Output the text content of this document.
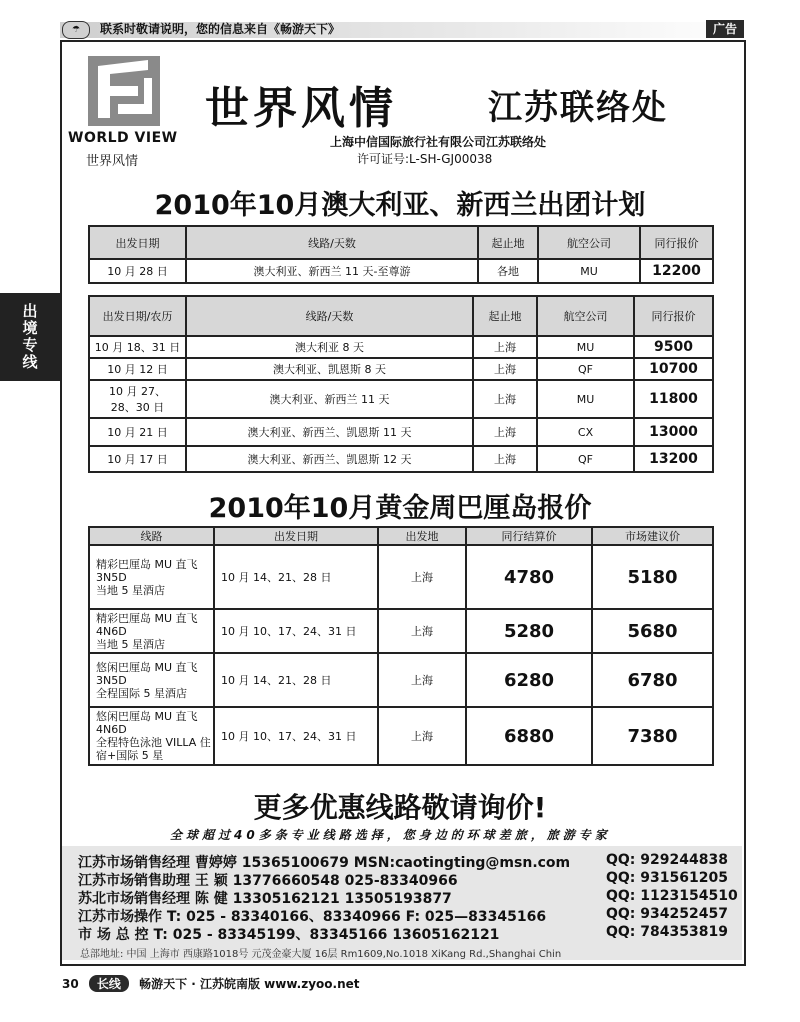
☂	联系时敬请说明，您的信息来自《畅游天下》	广告
出境专线
WORLD VIEW
世界风情
世界风情	江苏联络处
上海中信国际旅行社有限公司江苏联络处
许可证号:L-SH-GJ00038
2010年10月澳大利亚、新西兰出团计划
出发日期	线路/天数	起止地	航空公司	同行报价
10 月 28 日	澳大利亚、新西兰 11 天-至尊游	各地	MU	12200
出发日期/农历	线路/天数	起止地	航空公司	同行报价
10 月 18、31 日	澳大利亚 8 天	上海	MU	9500
10 月 12 日	澳大利亚、凯恩斯 8 天	上海	QF	10700
10 月 27、28、30 日	澳大利亚、新西兰 11 天	上海	MU	11800
10 月 21 日	澳大利亚、新西兰、凯恩斯 11 天	上海	CX	13000
10 月 17 日	澳大利亚、新西兰、凯恩斯 12 天	上海	QF	13200
2010年10月黄金周巴厘岛报价
线路	出发日期	出发地	同行结算价	市场建议价

精彩巴厘岛 MU 直飞
3N5D
当地 5 星酒店	10 月 14、21、28 日	上海	4780	5180

精彩巴厘岛 MU 直飞
4N6D
当地 5 星酒店	10 月 10、17、24、31 日	上海	5280	5680

悠闲巴厘岛 MU 直飞
3N5D
全程国际 5 星酒店	10 月 14、21、28 日	上海	6280	6780

悠闲巴厘岛 MU 直飞
4N6D
全程特色泳池 VILLA 住宿+国际 5 星	10 月 10、17、24、31 日	上海	6880	7380
更多优惠线路敬请询价!
全球超过40多条专业线路选择，您身边的环球差旅，旅游专家
江苏市场销售经理 曹婷婷 15365100679 MSN:caotingting@msn.com	QQ: 929244838
江苏市场销售助理 王 颖 13776660548 025-83340966	QQ: 931561205
苏北市场销售经理 陈 健 13305162121 13505193877	QQ: 1123154510
江苏市场操作 T: 025 - 83340166、83340966 F: 025—83345166	QQ: 934252457
市 场 总 控 T: 025 - 83345199、83345166 13605162121	QQ: 784353819
总部地址: 中国 上海市 西康路1018号 元茂金豪大厦 16层 Rm1609,No.1018 XiKang Rd.,Shanghai Chin
30 长线 畅游天下 · 江苏皖南版 www.zyoo.net
